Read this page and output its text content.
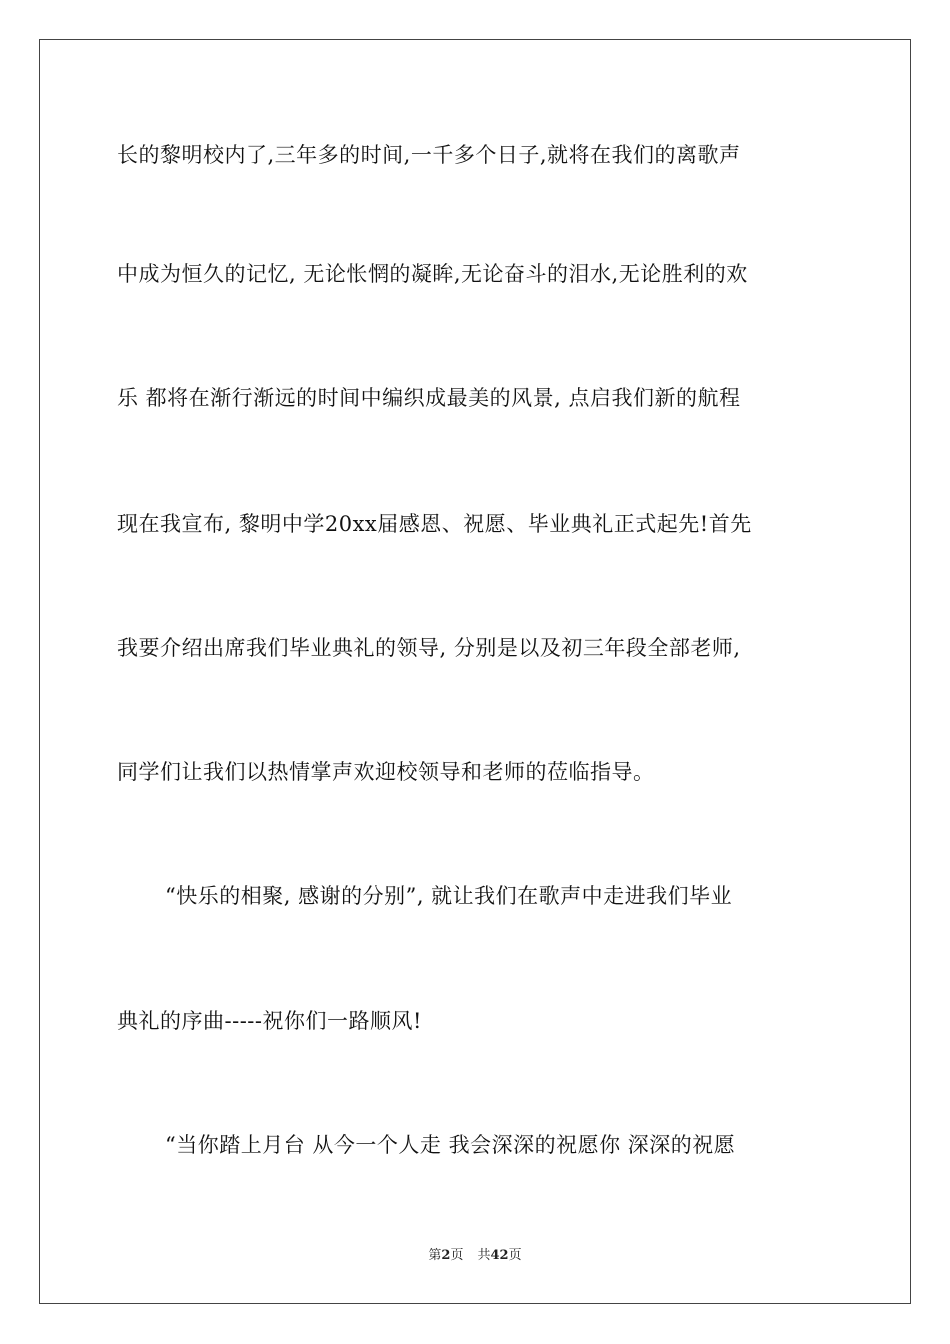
长的黎明校内了,三年多的时间,一千多个日子,就将在我们的离歌声
中成为恒久的记忆, 无论怅惘的凝眸,无论奋斗的泪水,无论胜利的欢
乐 都将在渐行渐远的时间中编织成最美的风景, 点启我们新的航程
现在我宣布, 黎明中学20xx届感恩、祝愿、毕业典礼正式起先!首先
我要介绍出席我们毕业典礼的领导, 分别是以及初三年段全部老师,
同学们让我们以热情掌声欢迎校领导和老师的莅临指导。
“快乐的相聚, 感谢的分别”, 就让我们在歌声中走进我们毕业
典礼的序曲-----祝你们一路顺风!
“当你踏上月台 从今一个人走 我会深深的祝愿你 深深的祝愿
第2页 共42页
